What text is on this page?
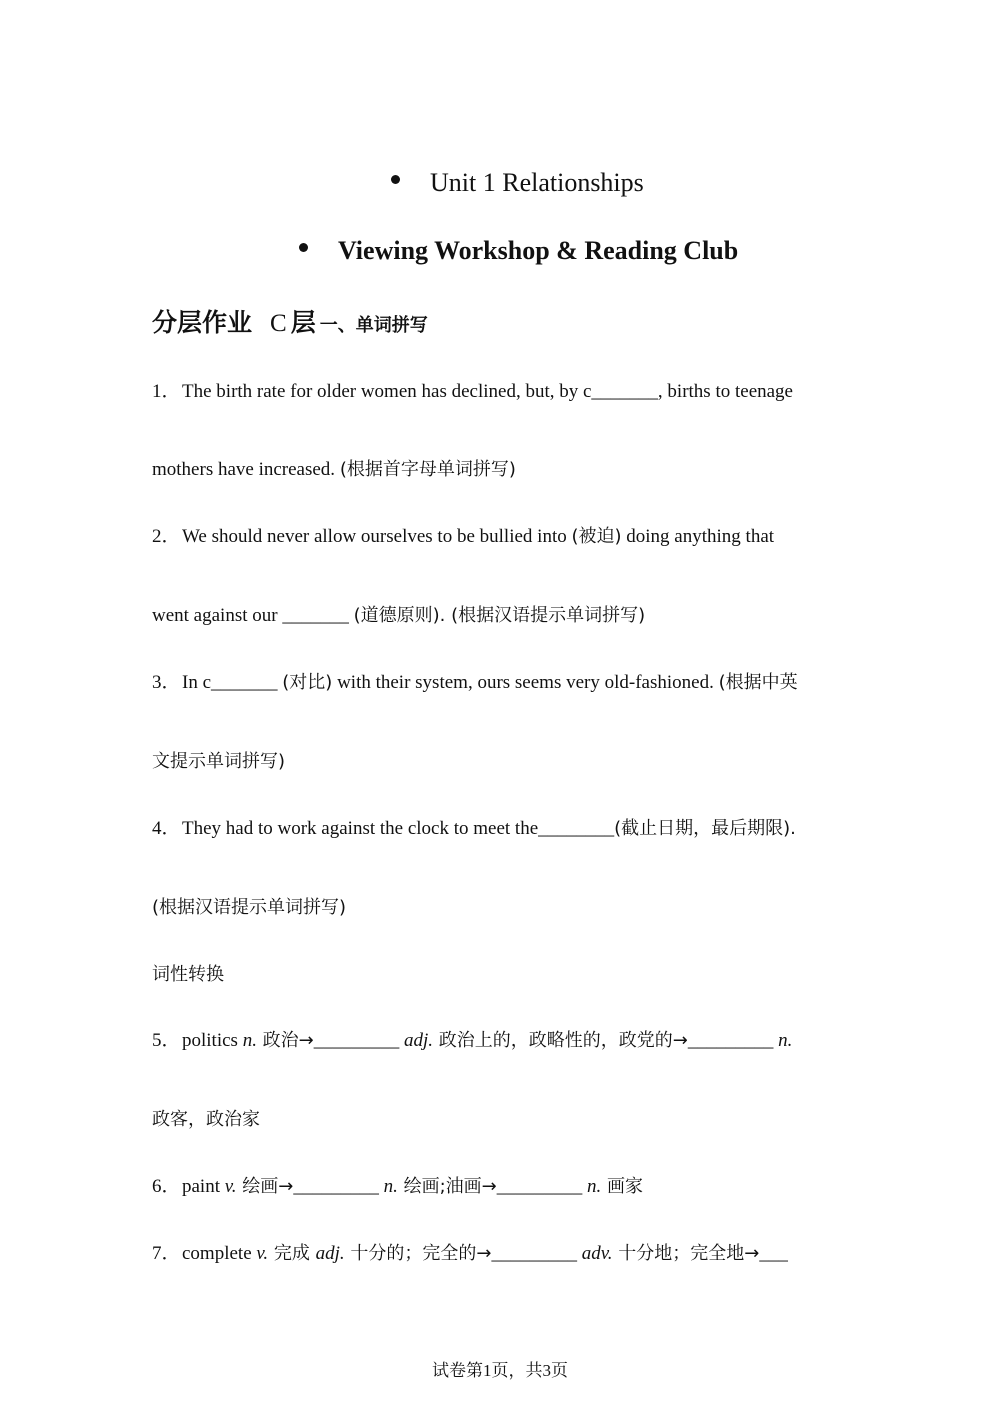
Unit 1 Relationships
Viewing Workshop & Reading Club
分层作业 C 层 一、单词拼写
1．The birth rate for older women has declined, but, by c_______, births to teenage
mothers have increased. (根据首字母单词拼写)
2．We should never allow ourselves to be bullied into (被迫) doing anything that
went against our _______ (道德原则). (根据汉语提示单词拼写)
3．In c_______ (对比) with their system, ours seems very old-fashioned. (根据中英
文提示单词拼写)
4．They had to work against the clock to meet the________(截止日期，最后期限).
(根据汉语提示单词拼写)
词性转换
5．politics n. 政治→_________ adj. 政治上的，政略性的，政党的→_________ n.
政客，政治家
6．paint v. 绘画→_________ n. 绘画;油画→_________ n. 画家
7．complete v. 完成 adj. 十分的；完全的→_________ adv. 十分地；完全地→___
试卷第1页，共3页
